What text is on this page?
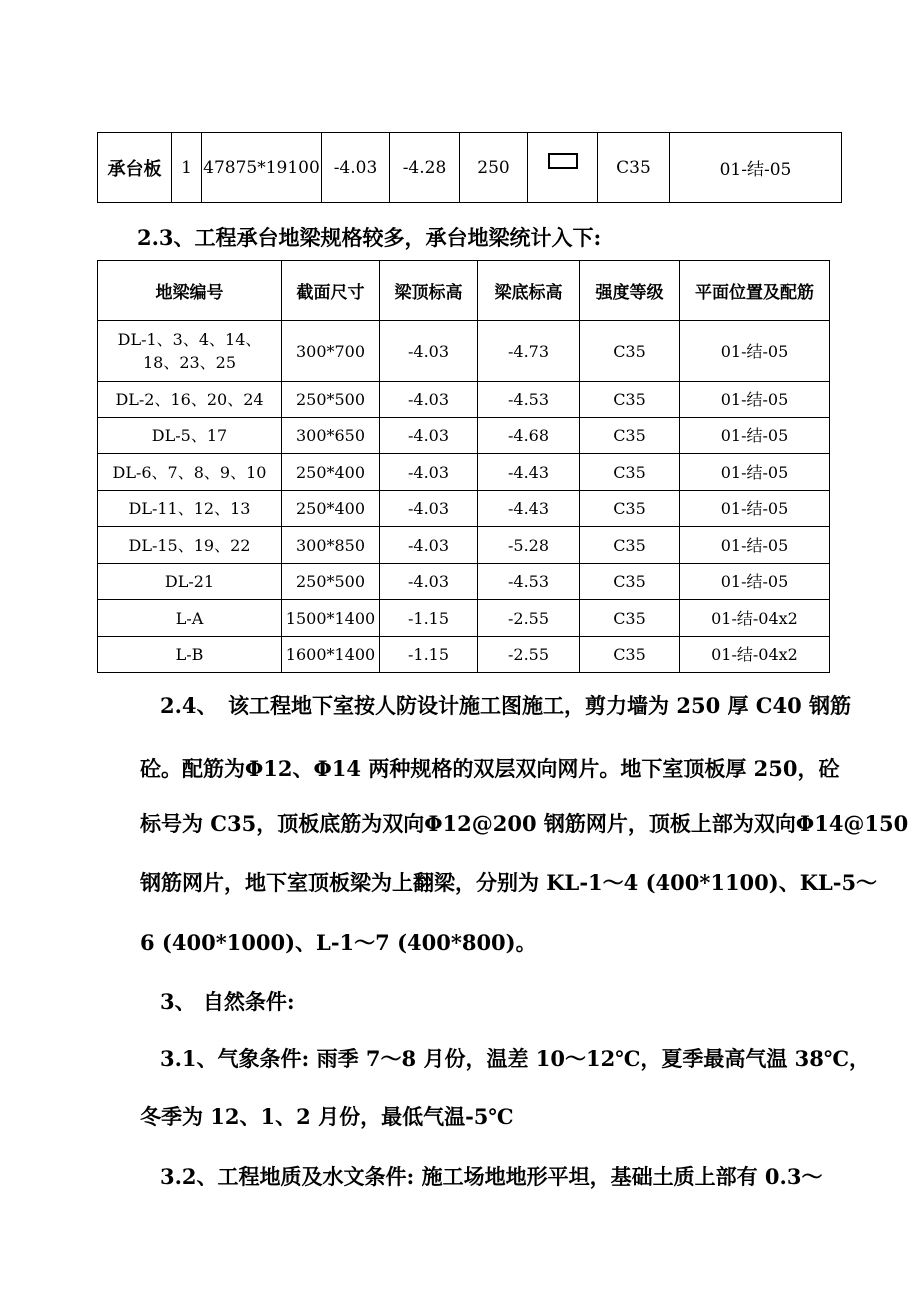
承台板	1	47875*19100	-4.03	-4.28	250		C35	01-结-05
2.3、工程承台地梁规格较多，承台地梁统计入下:
地梁编号	截面尺寸	梁顶标高	梁底标高	强度等级	平面位置及配筋

DL-1、3、4、14、
18、23、25	300*700	-4.03	-4.73	C35	01-结-05
DL-2、16、20、24	250*500	-4.03	-4.53	C35	01-结-05
DL-5、17	300*650	-4.03	-4.68	C35	01-结-05
DL-6、7、8、9、10	250*400	-4.03	-4.43	C35	01-结-05
DL-11、12、13	250*400	-4.03	-4.43	C35	01-结-05
DL-15、19、22	300*850	-4.03	-5.28	C35	01-结-05
DL-21	250*500	-4.03	-4.53	C35	01-结-05
L-A	1500*1400	-1.15	-2.55	C35	01-结-04x2
L-B	1600*1400	-1.15	-2.55	C35	01-结-04x2
2.4、　该工程地下室按人防设计施工图施工，剪力墙为 250 厚 C40 钢筋
砼。配筋为Φ12、Φ14 两种规格的双层双向网片。地下室顶板厚 250，砼
标号为 C35，顶板底筋为双向Φ12@200 钢筋网片，顶板上部为双向Φ14@150
钢筋网片，地下室顶板梁为上翻梁，分别为 KL-1～4 (400*1100)、KL-5～
6 (400*1000)、L-1～7 (400*800)。
3、 自然条件:
3.1、气象条件: 雨季 7～8 月份，温差 10～12℃，夏季最高气温 38℃，
冬季为 12、1、2 月份，最低气温-5℃
3.2、工程地质及水文条件: 施工场地地形平坦，基础土质上部有 0.3～
